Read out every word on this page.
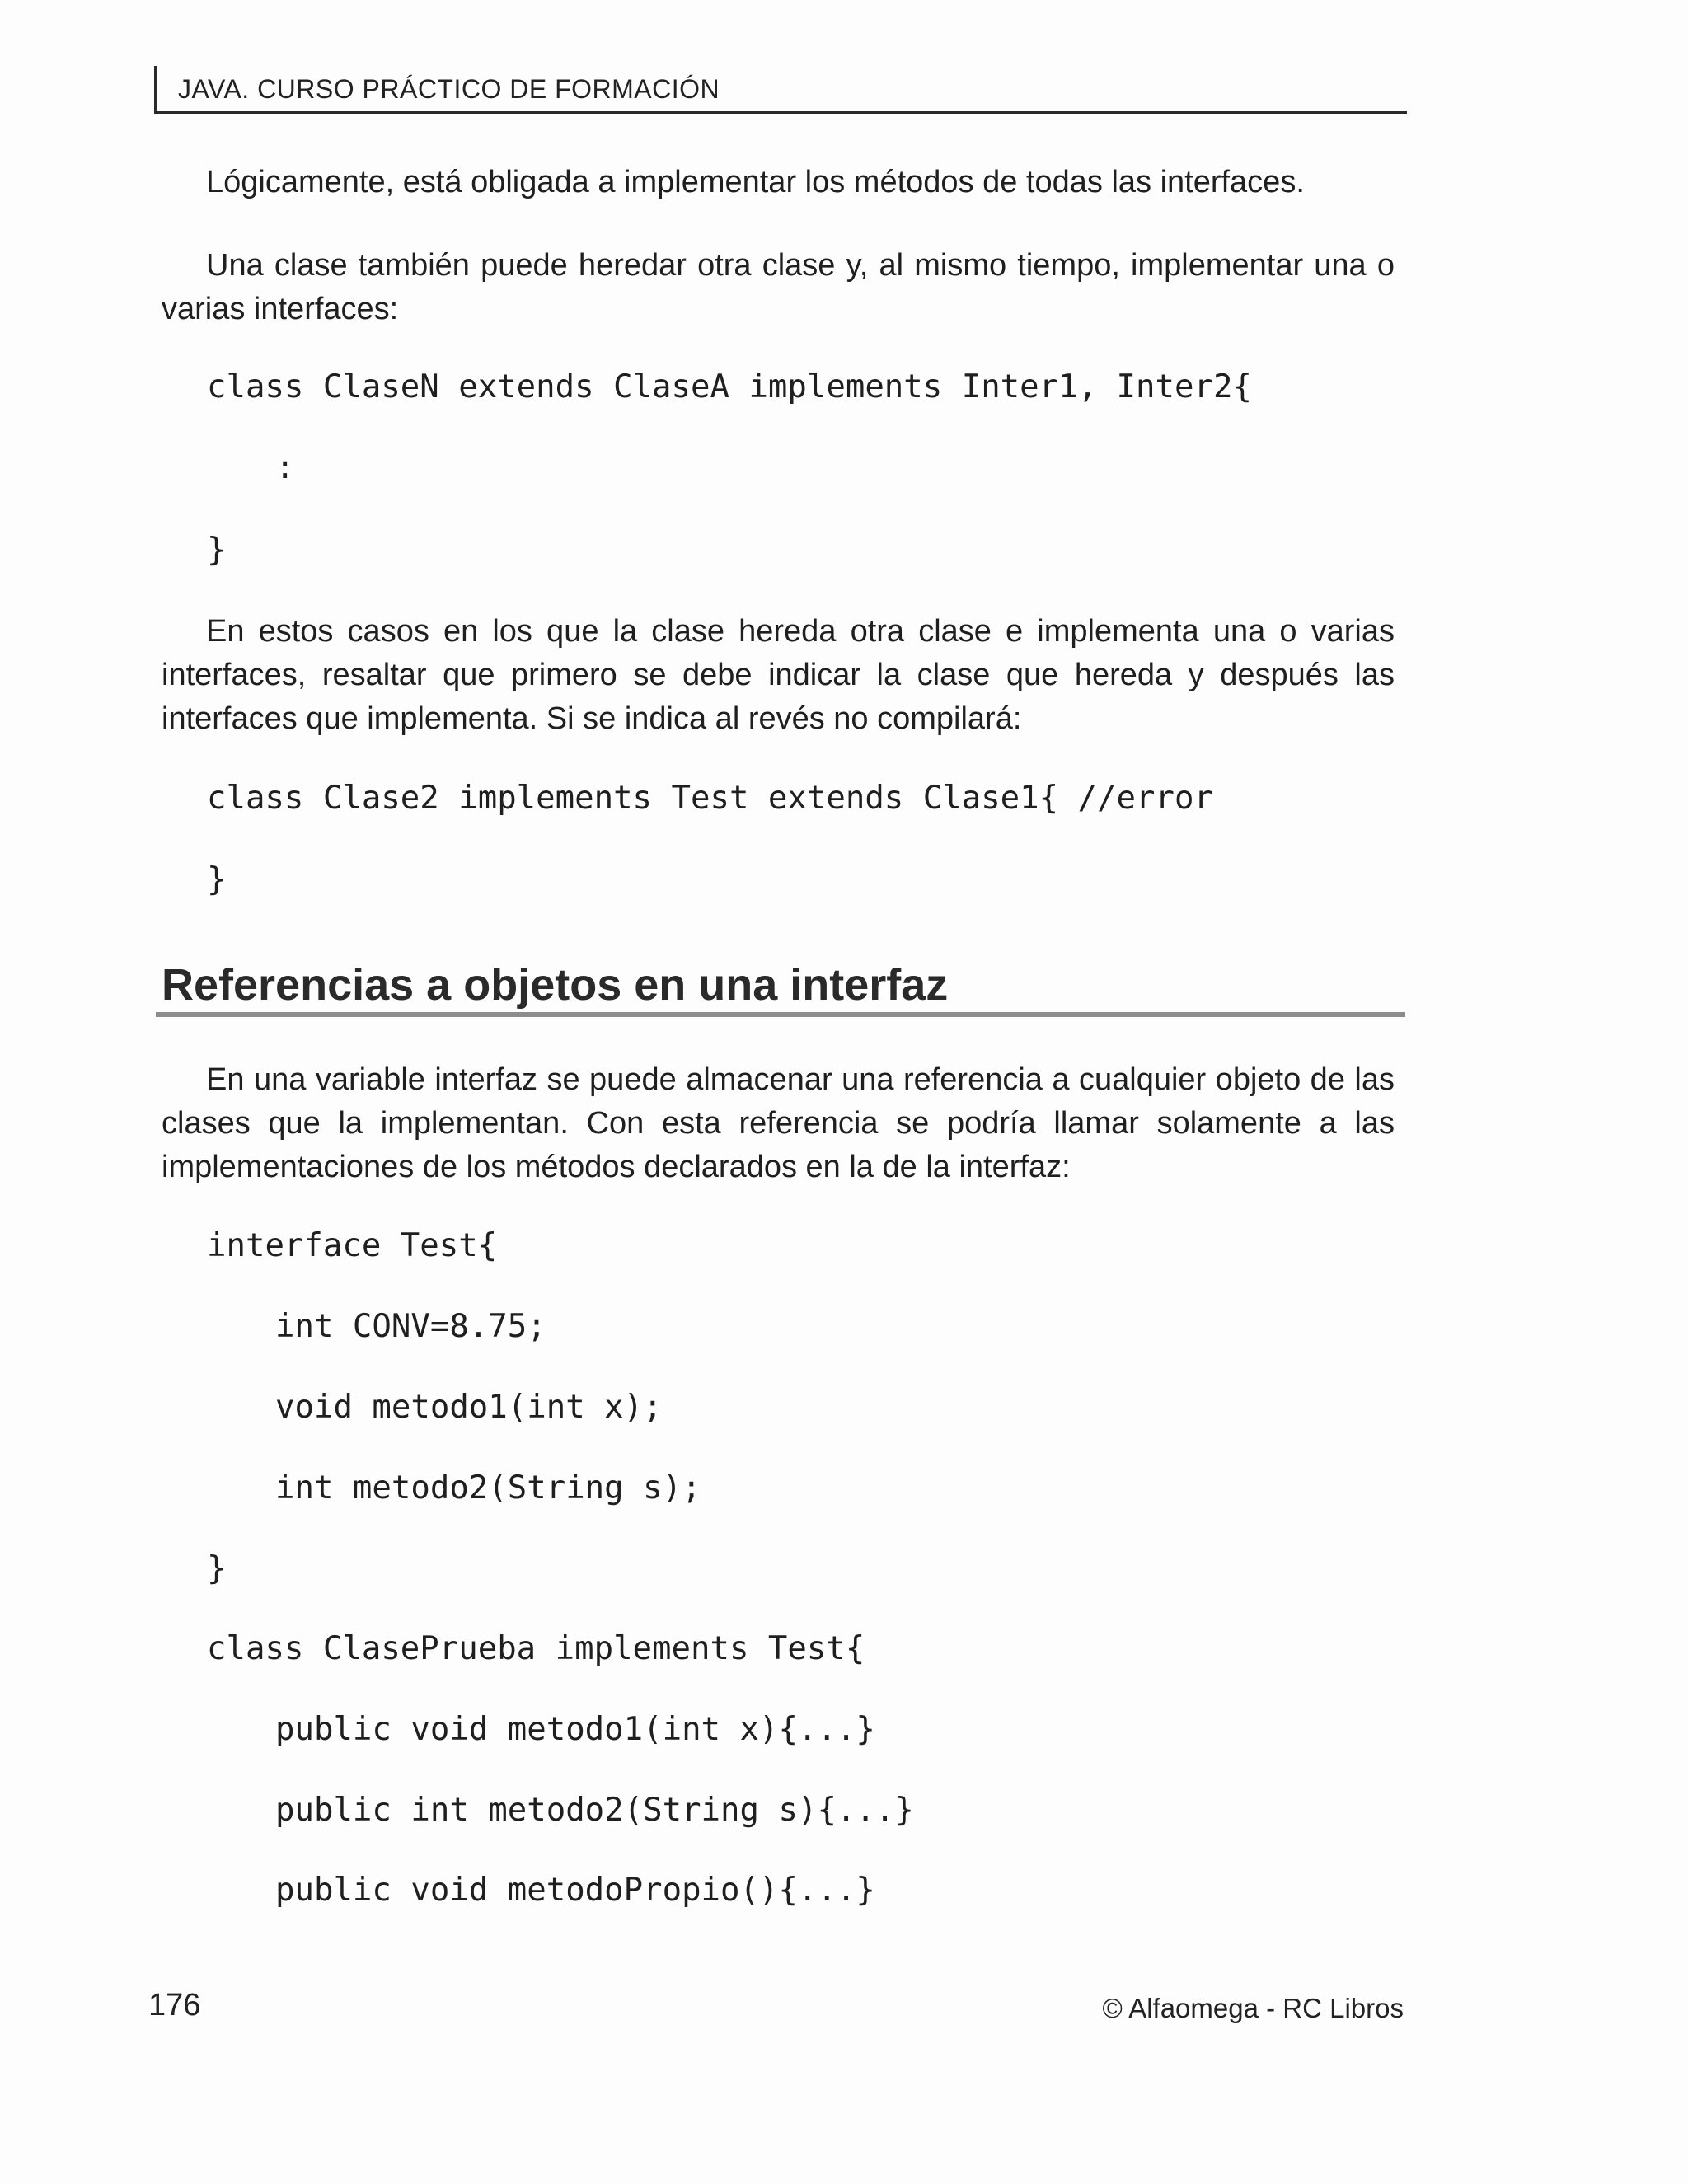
JAVA. CURSO PRÁCTICO DE FORMACIÓN

Lógicamente, está obligada a implementar los métodos de todas las interfaces.

Una clase también puede heredar otra clase y, al mismo tiempo, implementar una o varias interfaces:

class ClaseN extends ClaseA implements Inter1, Inter2{
:
}

En estos casos en los que la clase hereda otra clase e implementa una o varias interfaces, resaltar que primero se debe indicar la clase que hereda y después las interfaces que implementa. Si se indica al revés no compilará:

class Clase2 implements Test extends Clase1{ //error
}
Referencias a objetos en una interfaz

En una variable interfaz se puede almacenar una referencia a cualquier objeto de las clases que la implementan. Con esta referencia se podría llamar solamente a las implementaciones de los métodos declarados en la de la interfaz:

interface Test{
int CONV=8.75;
void metodo1(int x);
int metodo2(String s);
}
class ClasePrueba implements Test{
public void metodo1(int x){...}
public int metodo2(String s){...}
public void metodoPropio(){...}
176	© Alfaomega - RC Libros
